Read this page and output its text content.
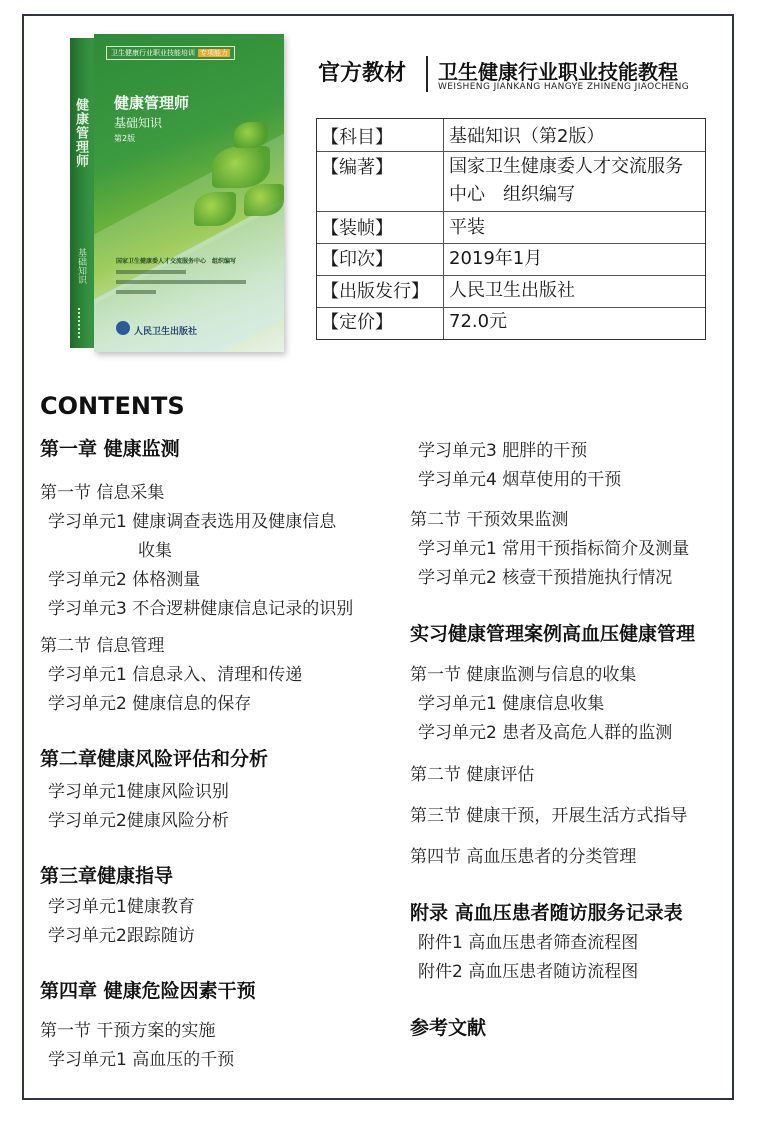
健康管理师
基础知识
卫生健康行业职业技能培训 专项能力
健康管理师
基础知识
第2版
国家卫生健康委人才交流服务中心　组织编写
人民卫生出版社
官方教材 卫生健康行业职业技能教程
WEISHENG JIANKANG HANGYE ZHINENG JIAOCHENG
【科目】	基础知识（第2版）
【编著】	国家卫生健康委人才交流服务中心　组织编写
【装帧】	平装
【印次】	2019年1月
【出版发行】 人民卫生出版社
【定价】	72.0元
CONTENTS
第一章 健康监测
第一节 信息采集
学习单元1 健康调查表选用及健康信息
收集
学习单元2 体格测量
学习单元3 不合逻耕健康信息记录的识别
第二节 信息管理
学习单元1 信息录入、清理和传递
学习单元2 健康信息的保存
第二章健康风险评估和分析
学习单元1健康风险识别
学习单元2健康风险分析
第三章健康指导
学习单元1健康教育
学习单元2跟踪随访
第四章 健康危险因素干预
第一节 干预方案的实施
学习单元1 高血压的千预
学习单元3 肥胖的干预
学习单元4 烟草使用的干预
第二节 干预效果监测
学习单元1 常用干预指标简介及测量
学习单元2 核壹干预措施执行情况
实习健康管理案例高血压健康管理
第一节 健康监测与信息的收集
学习单元1 健康信息收集
学习单元2 患者及高危人群的监测
第二节 健康评估
第三节 健康干预，开展生活方式指导
第四节 高血压患者的分类管理
附录 高血压患者随访服务记录表
附件1 高血压患者筛查流程图
附件2 高血压患者随访流程图
参考文献
